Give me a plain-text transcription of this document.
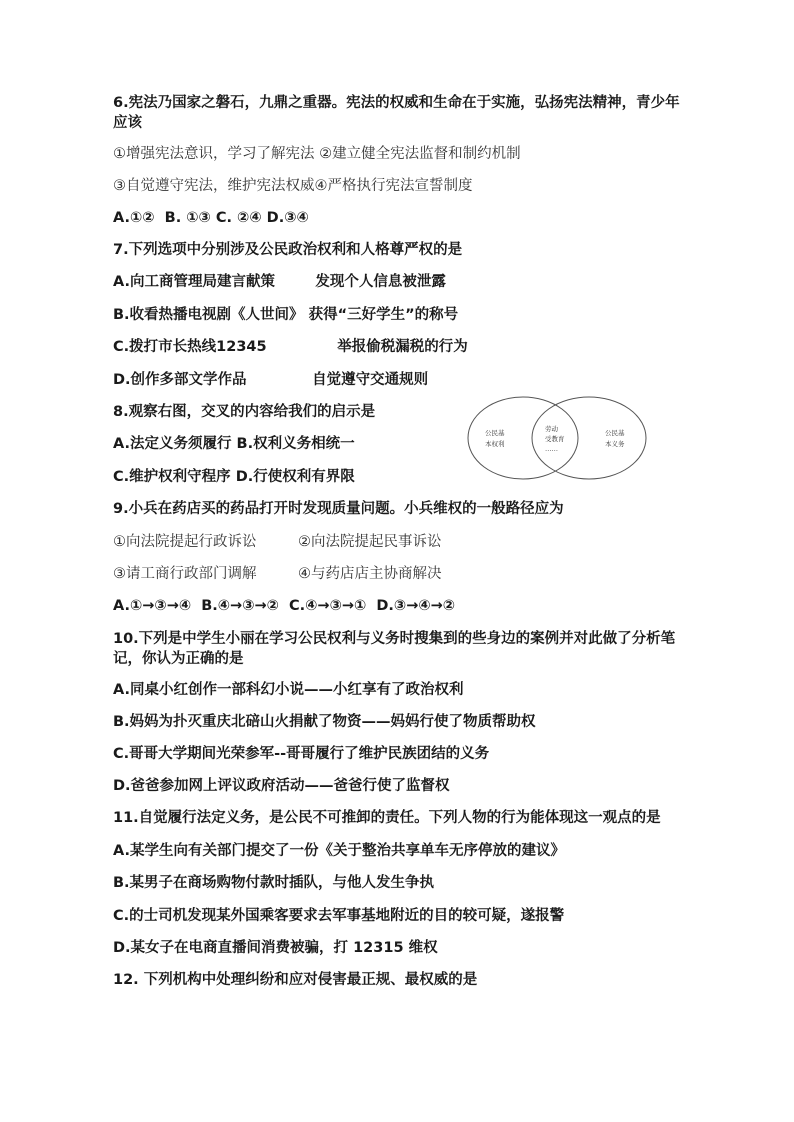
6.宪法乃国家之磐石，九鼎之重器。宪法的权威和生命在于实施，弘扬宪法精神，青少年
应该
①增强宪法意识，学习了解宪法 ②建立健全宪法监督和制约机制
③自觉遵守宪法，维护宪法权威④严格执行宪法宣誓制度
A.①②  B. ①③ C. ②④ D.③④
7.下列选项中分别涉及公民政治权利和人格尊严权的是
A.向工商管理局建言献策        发现个人信息被泄露
B.收看热播电视剧《人世间》 获得“三好学生”的称号
C.拨打市长热线12345              举报偷税漏税的行为
D.创作多部文学作品             自觉遵守交通规则
8.观察右图，交叉的内容给我们的启示是
A.法定义务须履行 B.权利义务相统一
C.维护权利守程序 D.行使权利有界限
公民基
本权利
劳动
受教育
……
公民基
本义务
9.小兵在药店买的药品打开时发现质量问题。小兵维权的一般路径应为
①向法院提起行政诉讼         ②向法院提起民事诉讼
③请工商行政部门调解         ④与药店店主协商解决
A.①→③→④  B.④→③→②  C.④→③→①  D.③→④→②
10.下列是中学生小丽在学习公民权利与义务时搜集到的些身边的案例并对此做了分析笔
记，你认为正确的是
A.同桌小红创作一部科幻小说——小红享有了政治权利
B.妈妈为扑灭重庆北碚山火捐献了物资——妈妈行使了物质帮助权
C.哥哥大学期间光荣参军--哥哥履行了维护民族团结的义务
D.爸爸参加网上评议政府活动——爸爸行使了监督权
11.自觉履行法定义务，是公民不可推卸的责任。下列人物的行为能体现这一观点的是
A.某学生向有关部门提交了一份《关于整治共享单车无序停放的建议》
B.某男子在商场购物付款时插队，与他人发生争执
C.的士司机发现某外国乘客要求去军事基地附近的目的较可疑，遂报警
D.某女子在电商直播间消费被骗，打 12315 维权
12. 下列机构中处理纠纷和应对侵害最正规、最权威的是
